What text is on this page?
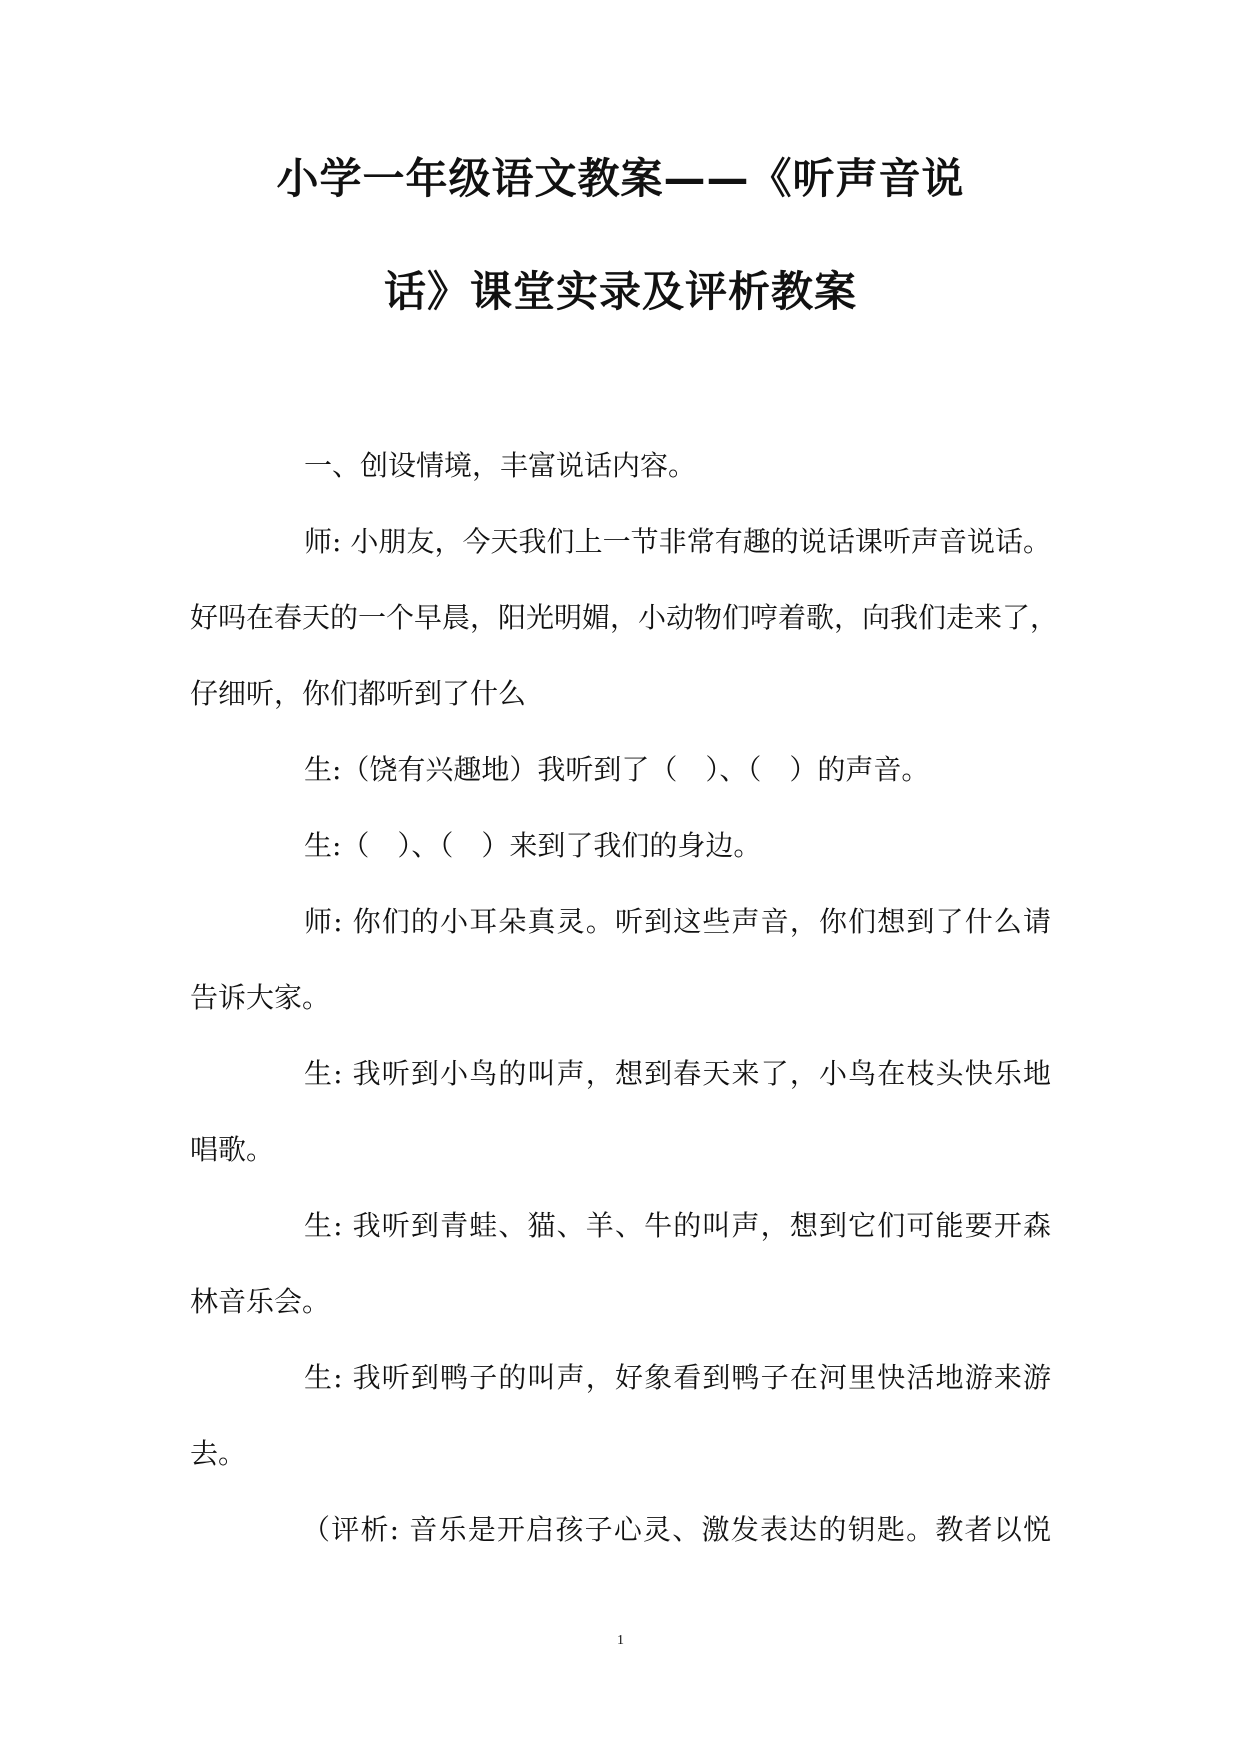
小学一年级语文教案——《听声音说
话》课堂实录及评析教案
一、创设情境，丰富说话内容。
师: 小朋友，今天我们上一节非常有趣的说话课听声音说话。
好吗在春天的一个早晨，阳光明媚，小动物们哼着歌，向我们走来了，
仔细听，你们都听到了什么
生:（饶有兴趣地）我听到了（　）、（　）的声音。
生:（　）、（　）来到了我们的身边。
师: 你们的小耳朵真灵。听到这些声音，你们想到了什么请
告诉大家。
生: 我听到小鸟的叫声，想到春天来了，小鸟在枝头快乐地
唱歌。
生: 我听到青蛙、猫、羊、牛的叫声，想到它们可能要开森
林音乐会。
生: 我听到鸭子的叫声，好象看到鸭子在河里快活地游来游
去。
（评析: 音乐是开启孩子心灵、激发表达的钥匙。教者以悦
1
